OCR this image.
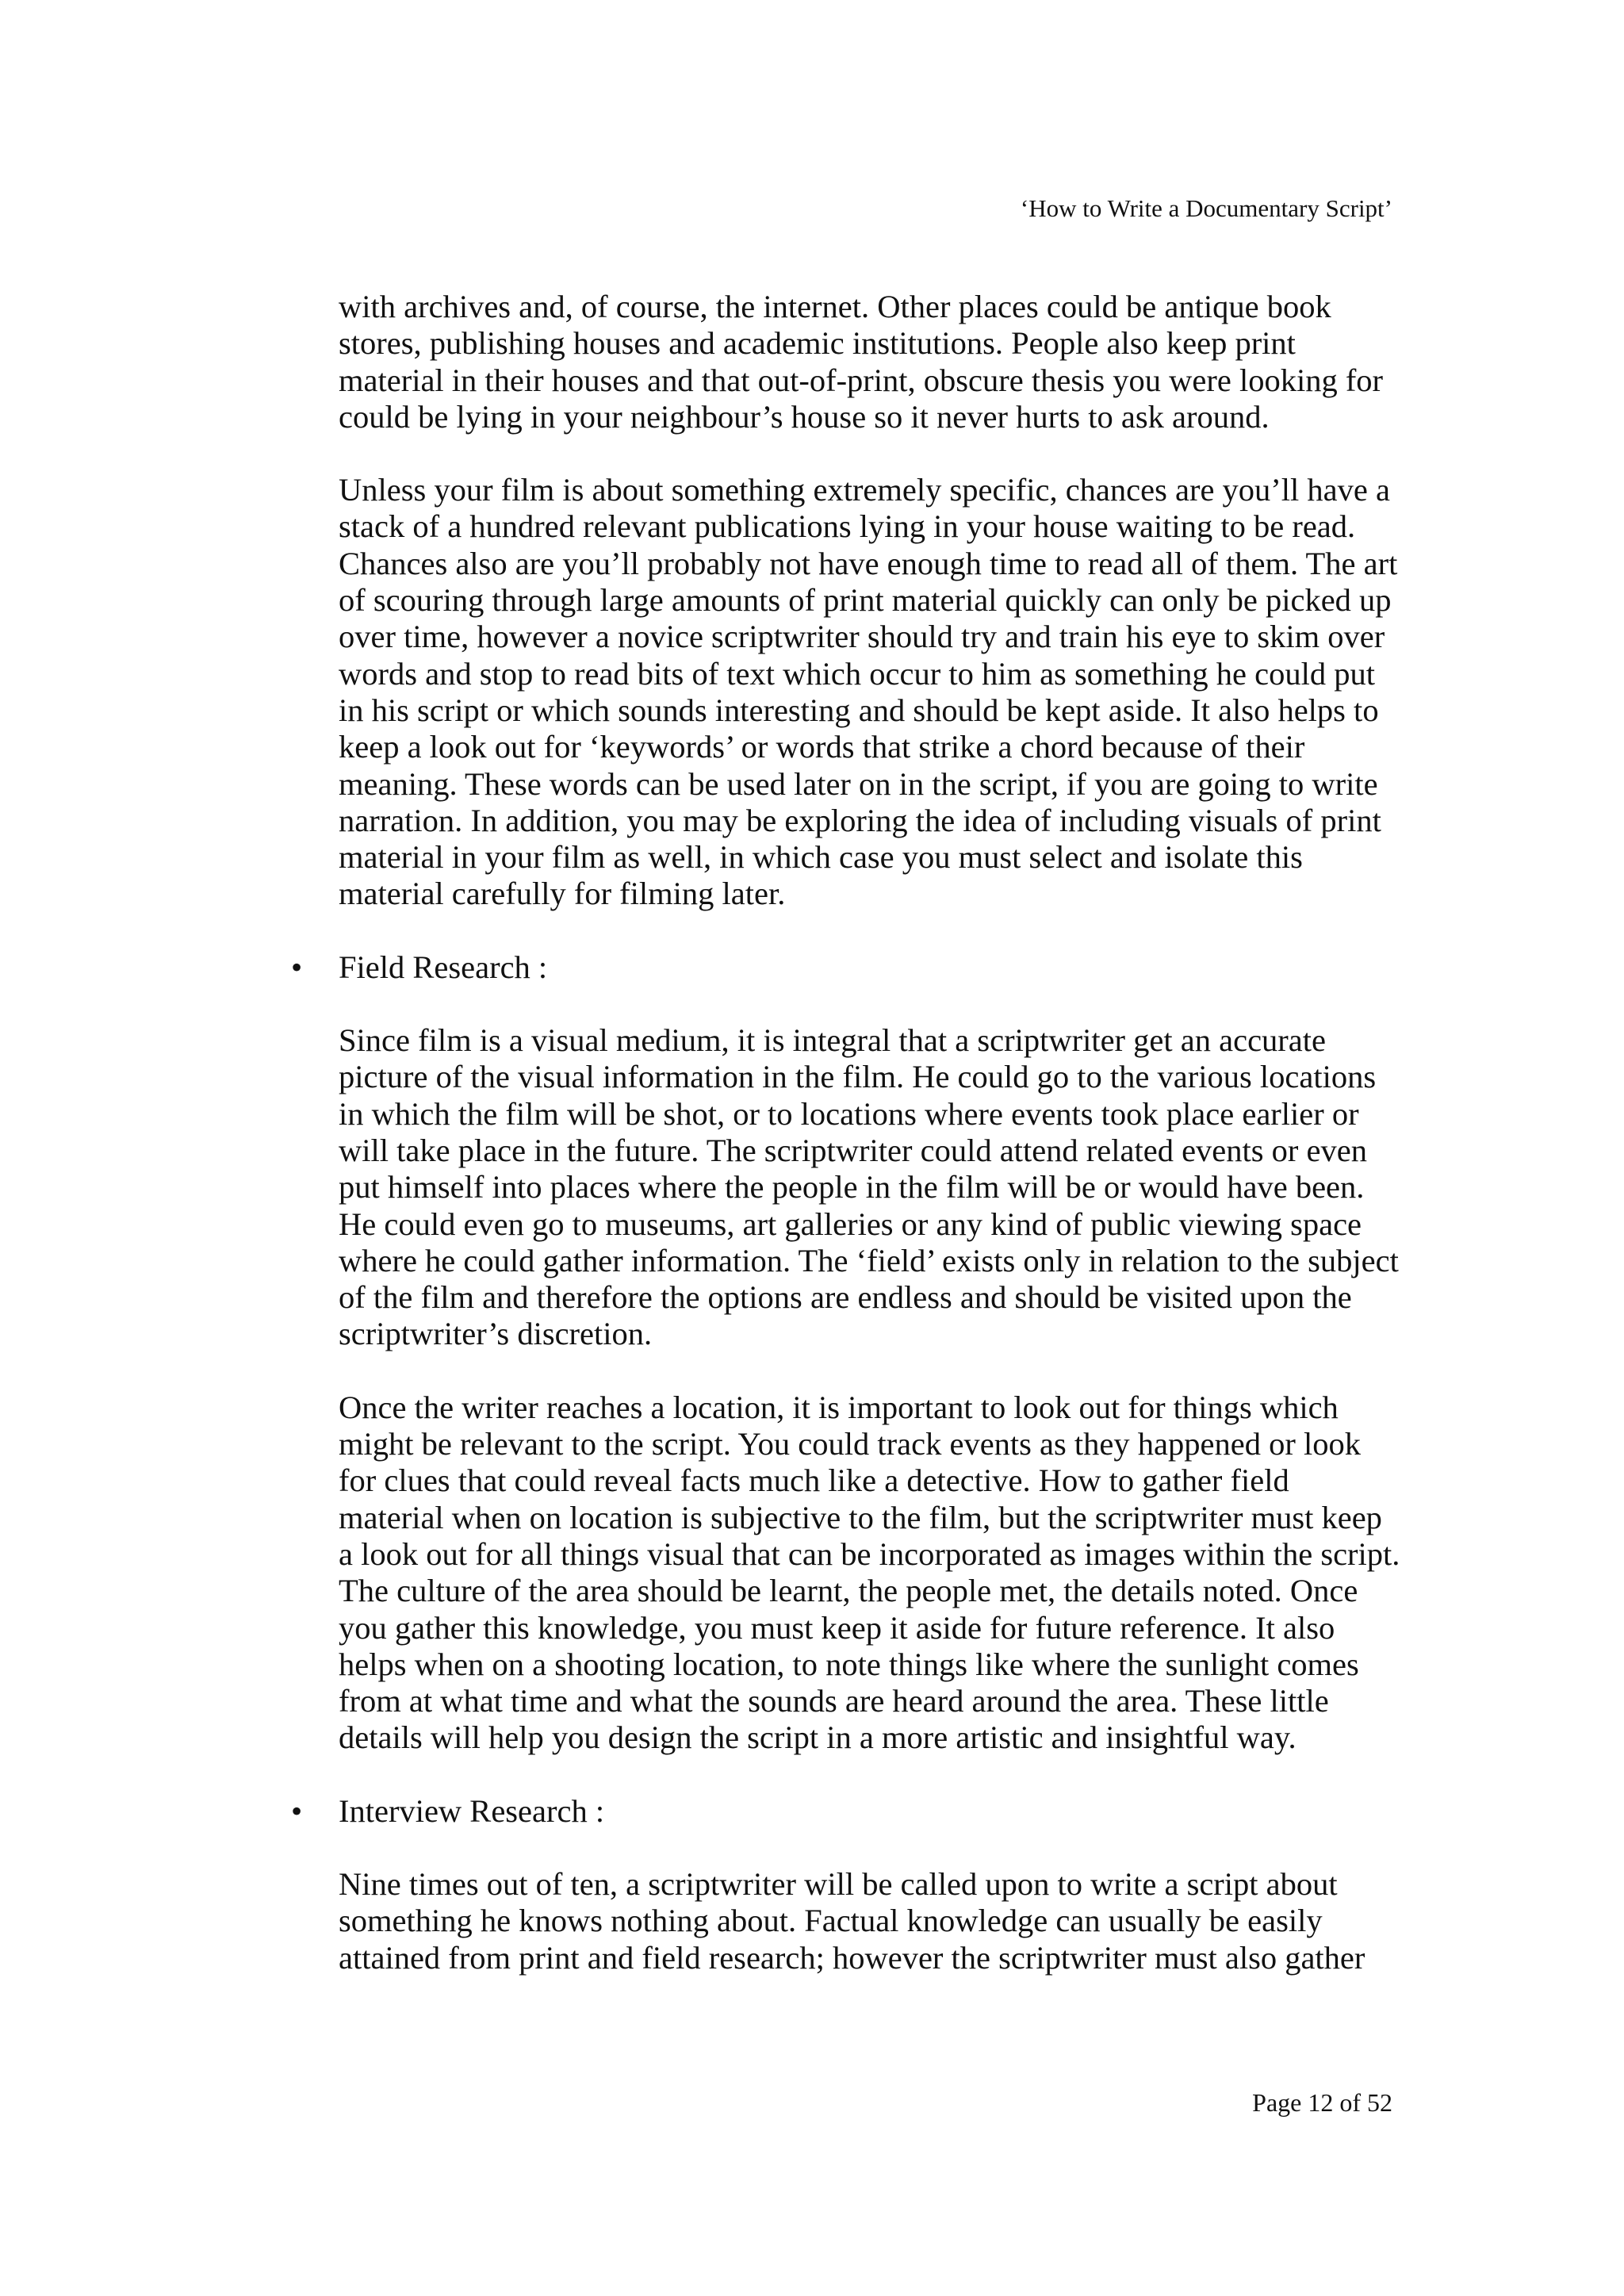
‘How to Write a Documentary Script’

with archives and, of course, the internet. Other places could be antique book stores, publishing houses and academic institutions. People also keep print material in their houses and that out-of-print, obscure thesis you were looking for could be lying in your neighbour’s house so it never hurts to ask around.

Unless your film is about something extremely specific, chances are you’ll have a stack of a hundred relevant publications lying in your house waiting to be read. Chances also are you’ll probably not have enough time to read all of them. The art of scouring through large amounts of print material quickly can only be picked up over time, however a novice scriptwriter should try and train his eye to skim over words and stop to read bits of text which occur to him as something he could put in his script or which sounds interesting and should be kept aside. It also helps to keep a look out for ‘keywords’ or words that strike a chord because of their meaning. These words can be used later on in the script, if you are going to write narration. In addition, you may be exploring the idea of including visuals of print material in your film as well, in which case you must select and isolate this material carefully for filming later.

• Field Research :

Since film is a visual medium, it is integral that a scriptwriter get an accurate picture of the visual information in the film. He could go to the various locations in which the film will be shot, or to locations where events took place earlier or will take place in the future. The scriptwriter could attend related events or even put himself into places where the people in the film will be or would have been. He could even go to museums, art galleries or any kind of public viewing space where he could gather information. The ‘field’ exists only in relation to the subject of the film and therefore the options are endless and should be visited upon the scriptwriter’s discretion.

Once the writer reaches a location, it is important to look out for things which might be relevant to the script. You could track events as they happened or look for clues that could reveal facts much like a detective. How to gather field material when on location is subjective to the film, but the scriptwriter must keep a look out for all things visual that can be incorporated as images within the script. The culture of the area should be learnt, the people met, the details noted. Once you gather this knowledge, you must keep it aside for future reference. It also helps when on a shooting location, to note things like where the sunlight comes from at what time and what the sounds are heard around the area. These little details will help you design the script in a more artistic and insightful way.

• Interview Research :

Nine times out of ten, a scriptwriter will be called upon to write a script about something he knows nothing about. Factual knowledge can usually be easily attained from print and field research; however the scriptwriter must also gather

Page 12 of 52
